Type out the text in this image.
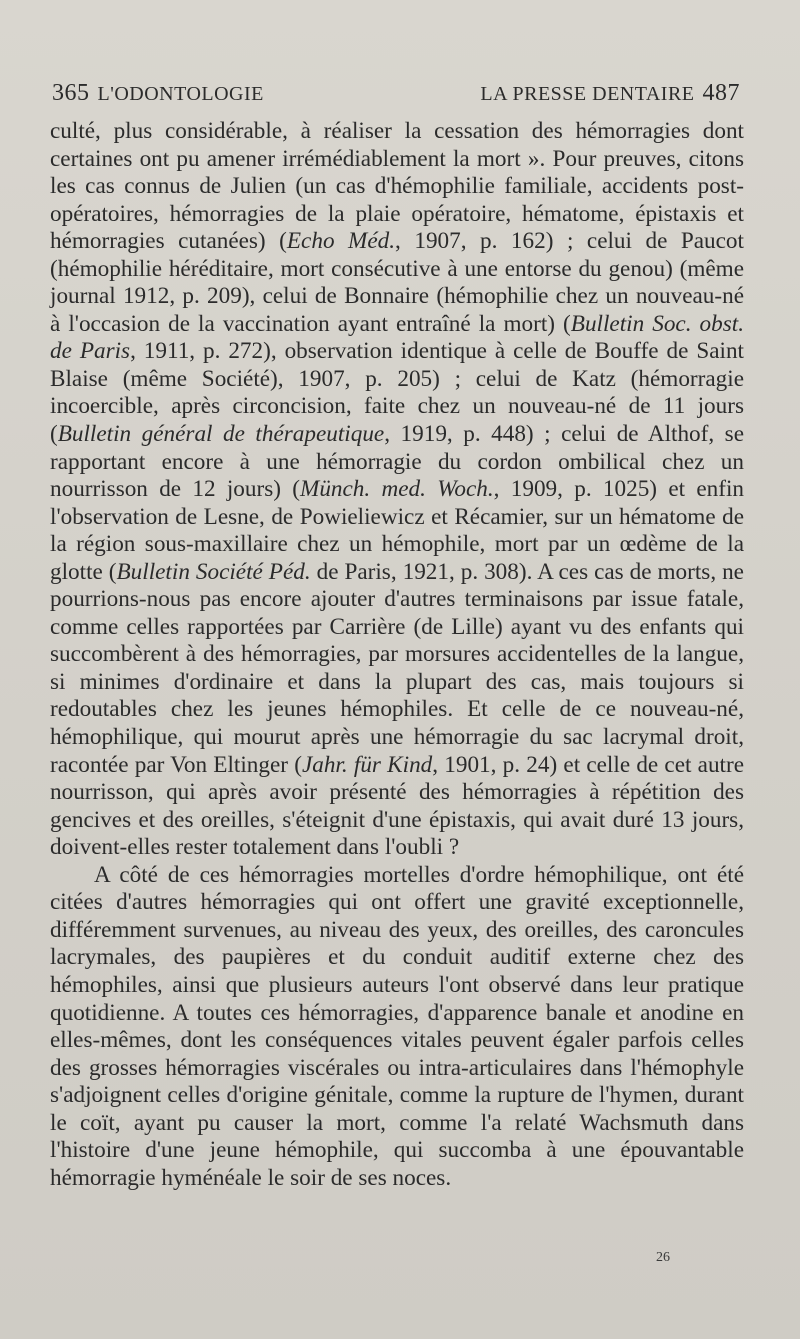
365 L'ODONTOLOGIE	LA PRESSE DENTAIRE 487

culté, plus considérable, à réaliser la cessation des hémorragies dont certaines ont pu amener irrémédiablement la mort ». Pour preuves, citons les cas connus de Julien (un cas d'hémophilie familiale, accidents post-opératoires, hémorragies de la plaie opératoire, hématome, épistaxis et hémorragies cutanées) (Echo Méd., 1907, p. 162) ; celui de Paucot (hémophilie héréditaire, mort consécutive à une entorse du genou) (même journal 1912, p. 209), celui de Bonnaire (hémophilie chez un nouveau-né à l'occasion de la vaccination ayant entraîné la mort) (Bulletin Soc. obst. de Paris, 1911, p. 272), observation identique à celle de Bouffe de Saint Blaise (même Société), 1907, p. 205) ; celui de Katz (hémorragie incoercible, après circoncision, faite chez un nouveau-né de 11 jours (Bulletin général de thérapeutique, 1919, p. 448) ; celui de Althof, se rapportant encore à une hémorragie du cordon ombilical chez un nourrisson de 12 jours) (Münch. med. Woch., 1909, p. 1025) et enfin l'observation de Lesne, de Powieliewicz et Récamier, sur un hématome de la région sous-maxillaire chez un hémophile, mort par un œdème de la glotte (Bulletin Société Péd. de Paris, 1921, p. 308). A ces cas de morts, ne pourrions-nous pas encore ajouter d'autres terminaisons par issue fatale, comme celles rapportées par Carrière (de Lille) ayant vu des enfants qui succombèrent à des hémorragies, par morsures accidentelles de la langue, si minimes d'ordinaire et dans la plupart des cas, mais toujours si redoutables chez les jeunes hémophiles. Et celle de ce nouveau-né, hémophilique, qui mourut après une hémorragie du sac lacrymal droit, racontée par Von Eltinger (Jahr. für Kind, 1901, p. 24) et celle de cet autre nourrisson, qui après avoir présenté des hémorragies à répétition des gencives et des oreilles, s'éteignit d'une épistaxis, qui avait duré 13 jours, doivent-elles rester totalement dans l'oubli ?

A côté de ces hémorragies mortelles d'ordre hémophilique, ont été citées d'autres hémorragies qui ont offert une gravité exceptionnelle, différemment survenues, au niveau des yeux, des oreilles, des caroncules lacrymales, des paupières et du conduit auditif externe chez des hémophiles, ainsi que plusieurs auteurs l'ont observé dans leur pratique quotidienne. A toutes ces hémorragies, d'apparence banale et anodine en elles-mêmes, dont les conséquences vitales peuvent égaler parfois celles des grosses hémorragies viscérales ou intra-articulaires dans l'hémophyle s'adjoignent celles d'origine génitale, comme la rupture de l'hymen, durant le coït, ayant pu causer la mort, comme l'a relaté Wachsmuth dans l'histoire d'une jeune hémophile, qui succomba à une épouvantable hémorragie hyménéale le soir de ses noces.

26
